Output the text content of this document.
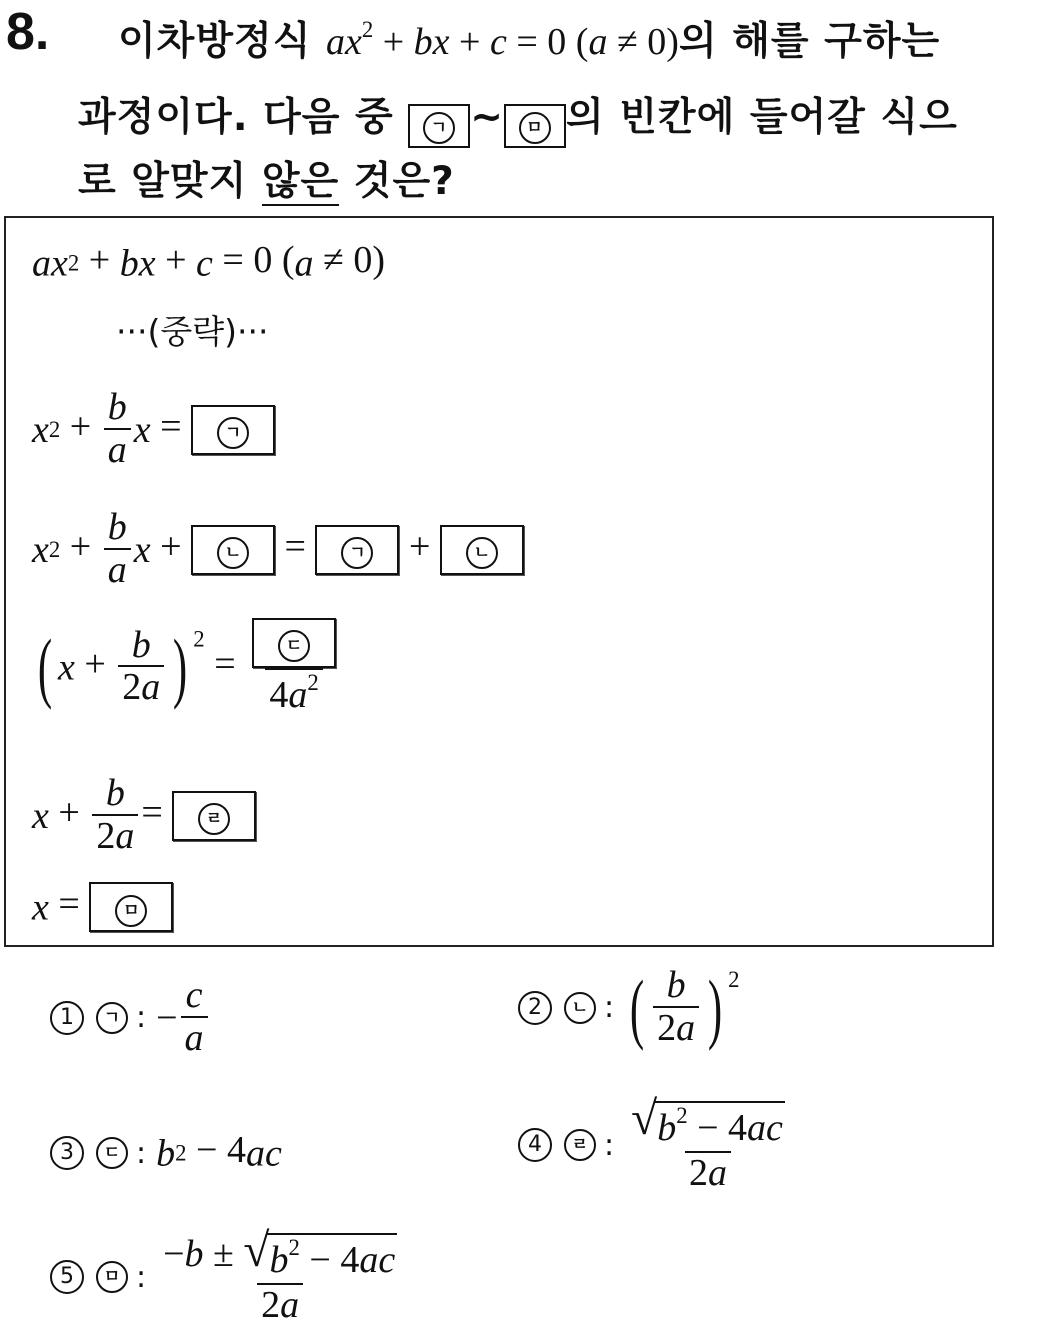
8. 이차방정식 $ax^2$ + bx + c = 0 (a ≠ 0)의 해를 구하는
과정이다. 다음 중 ㄱ ~ ㅁ 의 빈칸에 들어갈 식으
로 알맞지 않은 것은?
ax2 + bx + c = 0 (a ≠ 0)
···(중략)···
$x2 + \frac{b}{a}$ x = ㄱ
$x2 + \frac{b}{a}$ x + ㄴ = ㄱ + ㄴ
( $x + \frac{b}{2a}$ ) $^2 = \frac{\text{ㄷ}}{4a^2}$
$x + \frac{b}{2a}$ = ㄹ
x = ㅁ
1 ㄱ : − $\frac{c}{a}$	2 ㄴ : ( $\frac{b}{2a}$ ) $^2$
3 ㄷ : b2 − 4ac	4 ㄹ : $\frac{√ b^2 - 4ac}{2a}$
5 ㅁ : $\frac{-b \pm √ b^2 - 4ac}{2a}$
